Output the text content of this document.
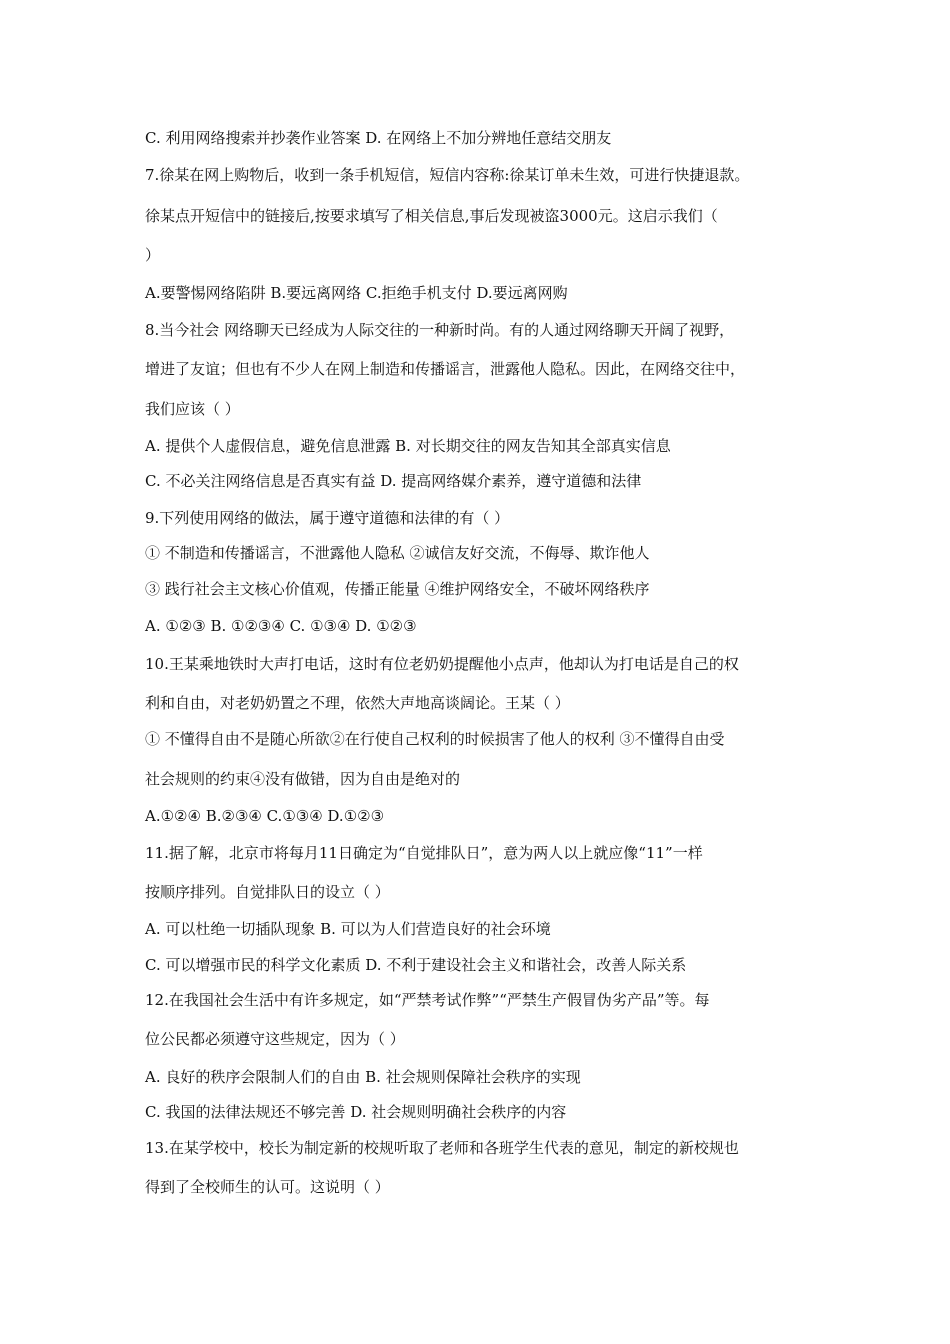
C. 利用网络搜索并抄袭作业答案 D. 在网络上不加分辨地任意结交朋友
7.徐某在网上购物后，收到一条手机短信，短信内容称:徐某订单未生效，可进行快捷退款。
徐某点开短信中的链接后,按要求填写了相关信息,事后发现被盗3000元。这启示我们（
）
A.要警惕网络陷阱 B.要远离网络 C.拒绝手机支付 D.要远离网购
8.当今社会 网络聊天已经成为人际交往的一种新时尚。有的人通过网络聊天开阔了视野，
增进了友谊；但也有不少人在网上制造和传播谣言，泄露他人隐私。因此，在网络交往中，
我们应该（ ）
A. 提供个人虚假信息，避免信息泄露 B. 对长期交往的网友告知其全部真实信息
C. 不必关注网络信息是否真实有益 D. 提高网络媒介素养，遵守道德和法律
9.下列使用网络的做法，属于遵守道德和法律的有（ ）
① 不制造和传播谣言，不泄露他人隐私 ②诚信友好交流，不侮辱、欺诈他人
③ 践行社会主文核心价值观，传播正能量 ④维护网络安全，不破坏网络秩序
A. ①②③ B. ①②③④ C. ①③④ D. ①②③
10.王某乘地铁时大声打电话，这时有位老奶奶提醒他小点声，他却认为打电话是自己的权
利和自由，对老奶奶置之不理，依然大声地高谈阔论。王某（ ）
① 不懂得自由不是随心所欲②在行使自己权利的时候损害了他人的权利 ③不懂得自由受
社会规则的约束④没有做错，因为自由是绝对的
A.①②④ B.②③④ C.①③④ D.①②③
11.据了解，北京市将每月11日确定为“自觉排队日”，意为两人以上就应像“11”一样
按顺序排列。自觉排队日的设立（ ）
A. 可以杜绝一切插队现象 B. 可以为人们营造良好的社会环境
C. 可以增强市民的科学文化素质 D. 不利于建设社会主义和谐社会，改善人际关系
12.在我国社会生活中有许多规定，如“严禁考试作弊”“严禁生产假冒伪劣产品”等。每
位公民都必须遵守这些规定，因为（ ）
A. 良好的秩序会限制人们的自由 B. 社会规则保障社会秩序的实现
C. 我国的法律法规还不够完善 D. 社会规则明确社会秩序的内容
13.在某学校中，校长为制定新的校规听取了老师和各班学生代表的意见，制定的新校规也
得到了全校师生的认可。这说明（ ）
